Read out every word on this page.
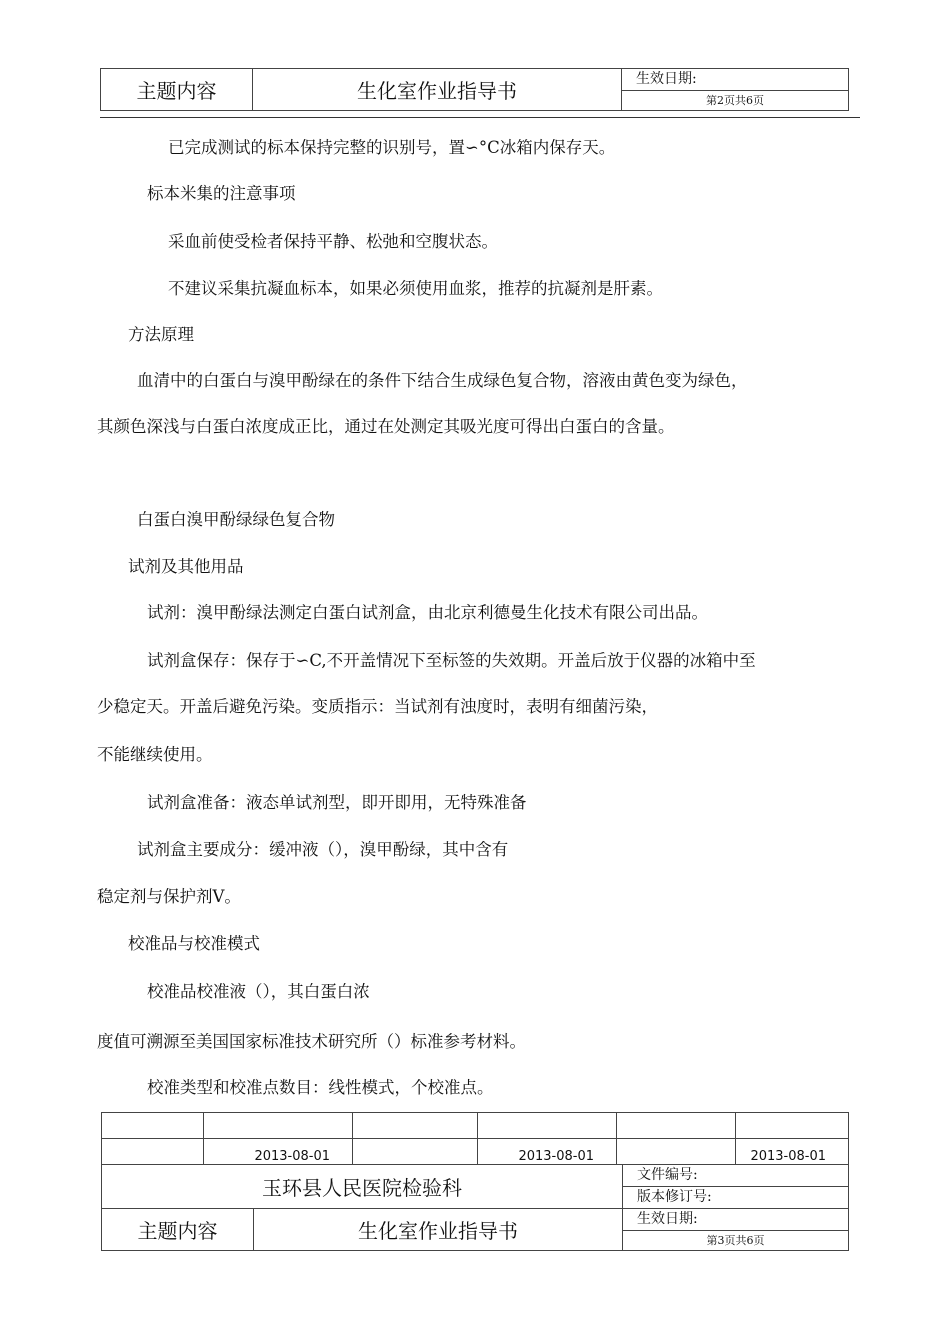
主题内容	生化室作业指导书	生效日期:
第2页共6页
已完成测试的标本保持完整的识别号，置∽°C冰箱内保存天。
标本米集的注意事项
采血前使受检者保持平静、松弛和空腹状态。
不建议采集抗凝血标本，如果必须使用血浆，推荐的抗凝剂是肝素。
方法原理
血清中的白蛋白与溴甲酚绿在的条件下结合生成绿色复合物，溶液由黄色变为绿色，
其颜色深浅与白蛋白浓度成正比，通过在处测定其吸光度可得出白蛋白的含量。
白蛋白溴甲酚绿绿色复合物
试剂及其他用品
试剂：溴甲酚绿法测定白蛋白试剂盒，由北京利德曼生化技术有限公司出品。
试剂盒保存：保存于∽C,不开盖情况下至标签的失效期。开盖后放于仪器的冰箱中至
少稳定天。开盖后避免污染。变质指示：当试剂有浊度时，表明有细菌污染，
不能继续使用。
试剂盒准备：液态单试剂型，即开即用，无特殊准备
试剂盒主要成分：缓冲液（），溴甲酚绿，其中含有
稳定剂与保护剂V。
校准品与校准模式
校准品校准液（），其白蛋白浓
度值可溯源至美国国家标准技术研究所（）标准参考材料。
校准类型和校准点数目：线性模式，个校准点。

	2013-08-01		2013-08-01		2013-08-01
玉环县人民医院检验科		文件编号:
		版本修订号:
主题内容	生化室作业指导书	生效日期:
		第3页共6页
